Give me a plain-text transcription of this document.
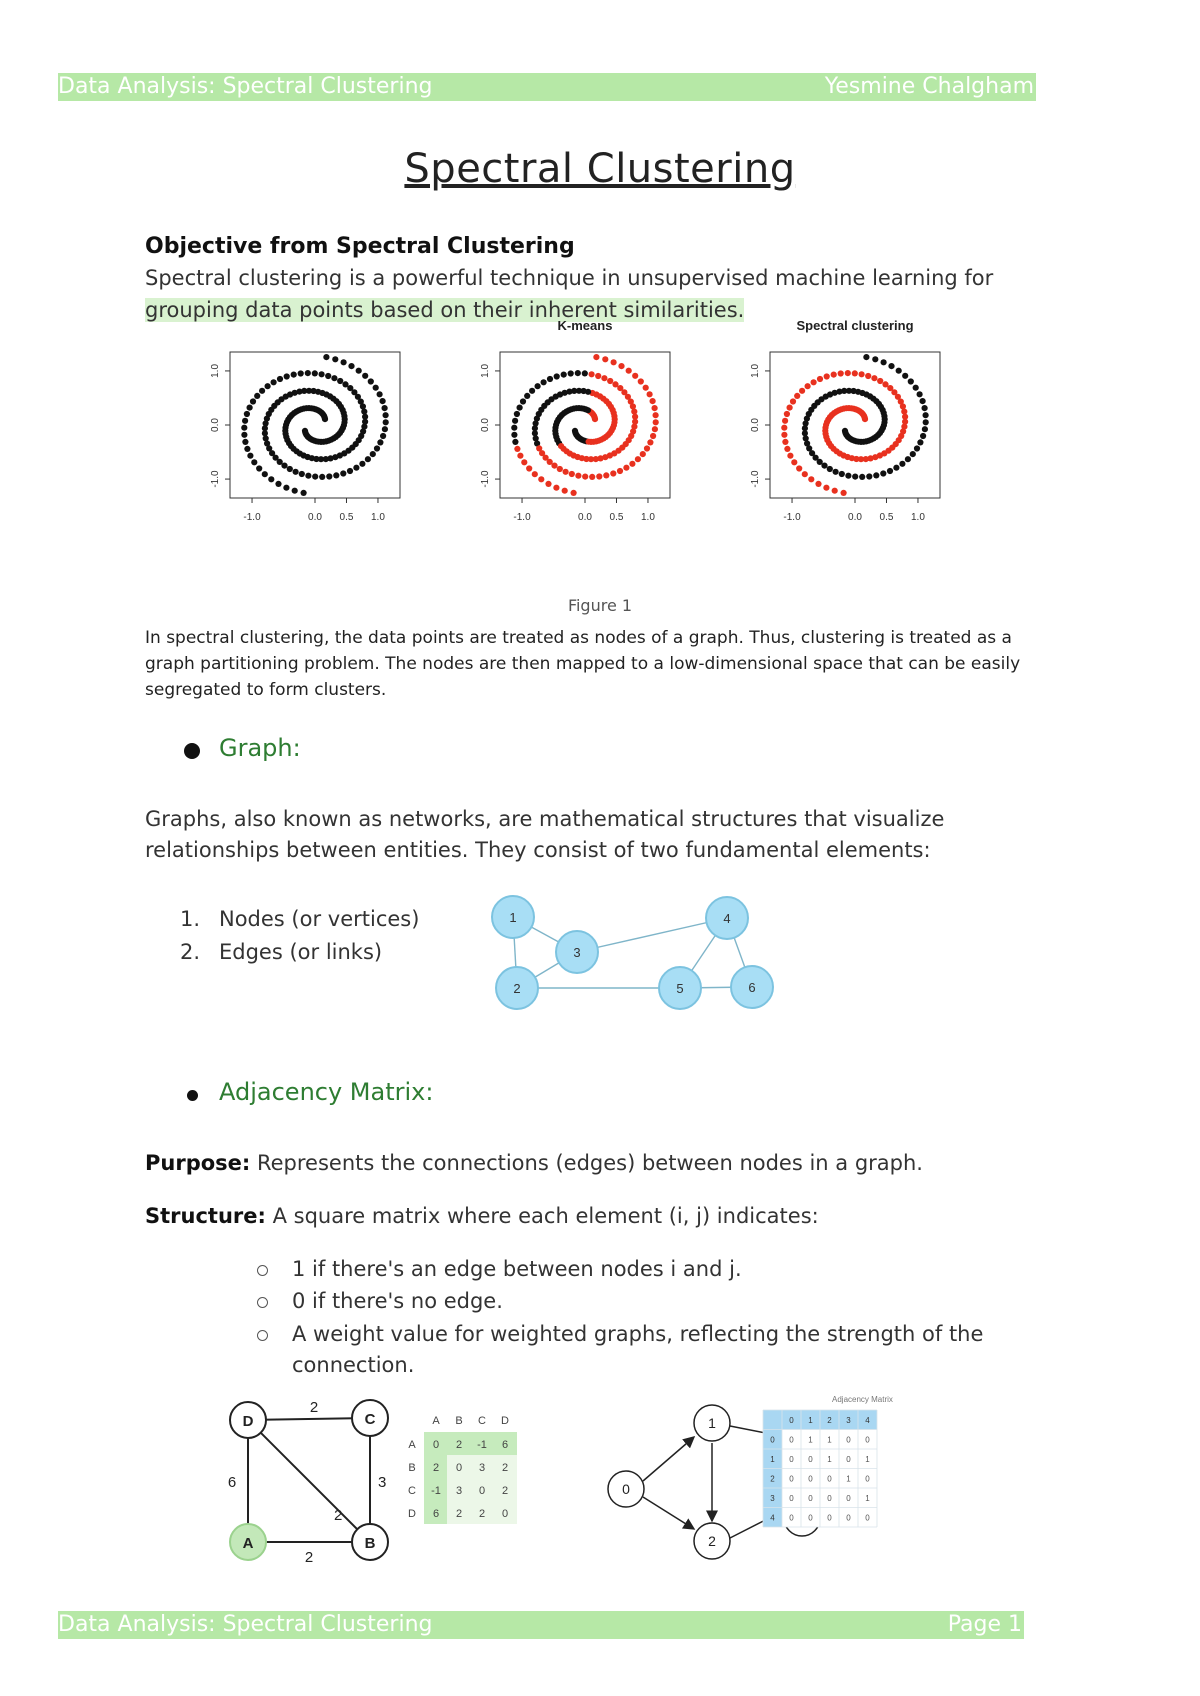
Data Analysis: Spectral Clustering	Yesmine Chalgham
Data Analysis: Spectral Clustering	Page 1
Spectral Clustering
Objective from Spectral Clustering
Spectral clustering is a powerful technique in unsupervised machine learning for
grouping data points based on their inherent similarities.
1.0
0.0
-1.0
-1.0	0.0 0.5 1.0
K-means
1.0
0.0
-1.0
-1.0	0.0 0.5 1.0
Spectral clustering
1.0
0.0
-1.0
-1.0	0.0 0.5 1.0
Figure 1
In spectral clustering, the data points are treated as nodes of a graph. Thus, clustering is treated as a
graph partitioning problem. The nodes are then mapped to a low-dimensional space that can be easily
segregated to form clusters.
Graph:
Graphs, also known as networks, are mathematical structures that visualize
relationships between entities. They consist of two fundamental elements:
1. Nodes (or vertices)
2. Edges (or links)
1
2
3
4
5	6
Adjacency Matrix:
Purpose: Represents the connections (edges) between nodes in a graph.
Structure: A square matrix where each element (i, j) indicates:
1 if there's an edge between nodes i and j.
0 if there's no edge.
A weight value for weighted graphs, reflecting the strength of the
connection.
2
6	3
2
2
D	C
A	B
A B C D
A 0 2 -1 6
B 2 0 3 2
C -1 3 0 2
D 6 2 2 0
0
1
2
Adjacency Matrix
0 1 2 3 4
0 0 1 1 0 0
1 0 0 1 0 1
2 0 0 0 1 0
3 0 0 0 0 1
4 0 0 0 0 0
